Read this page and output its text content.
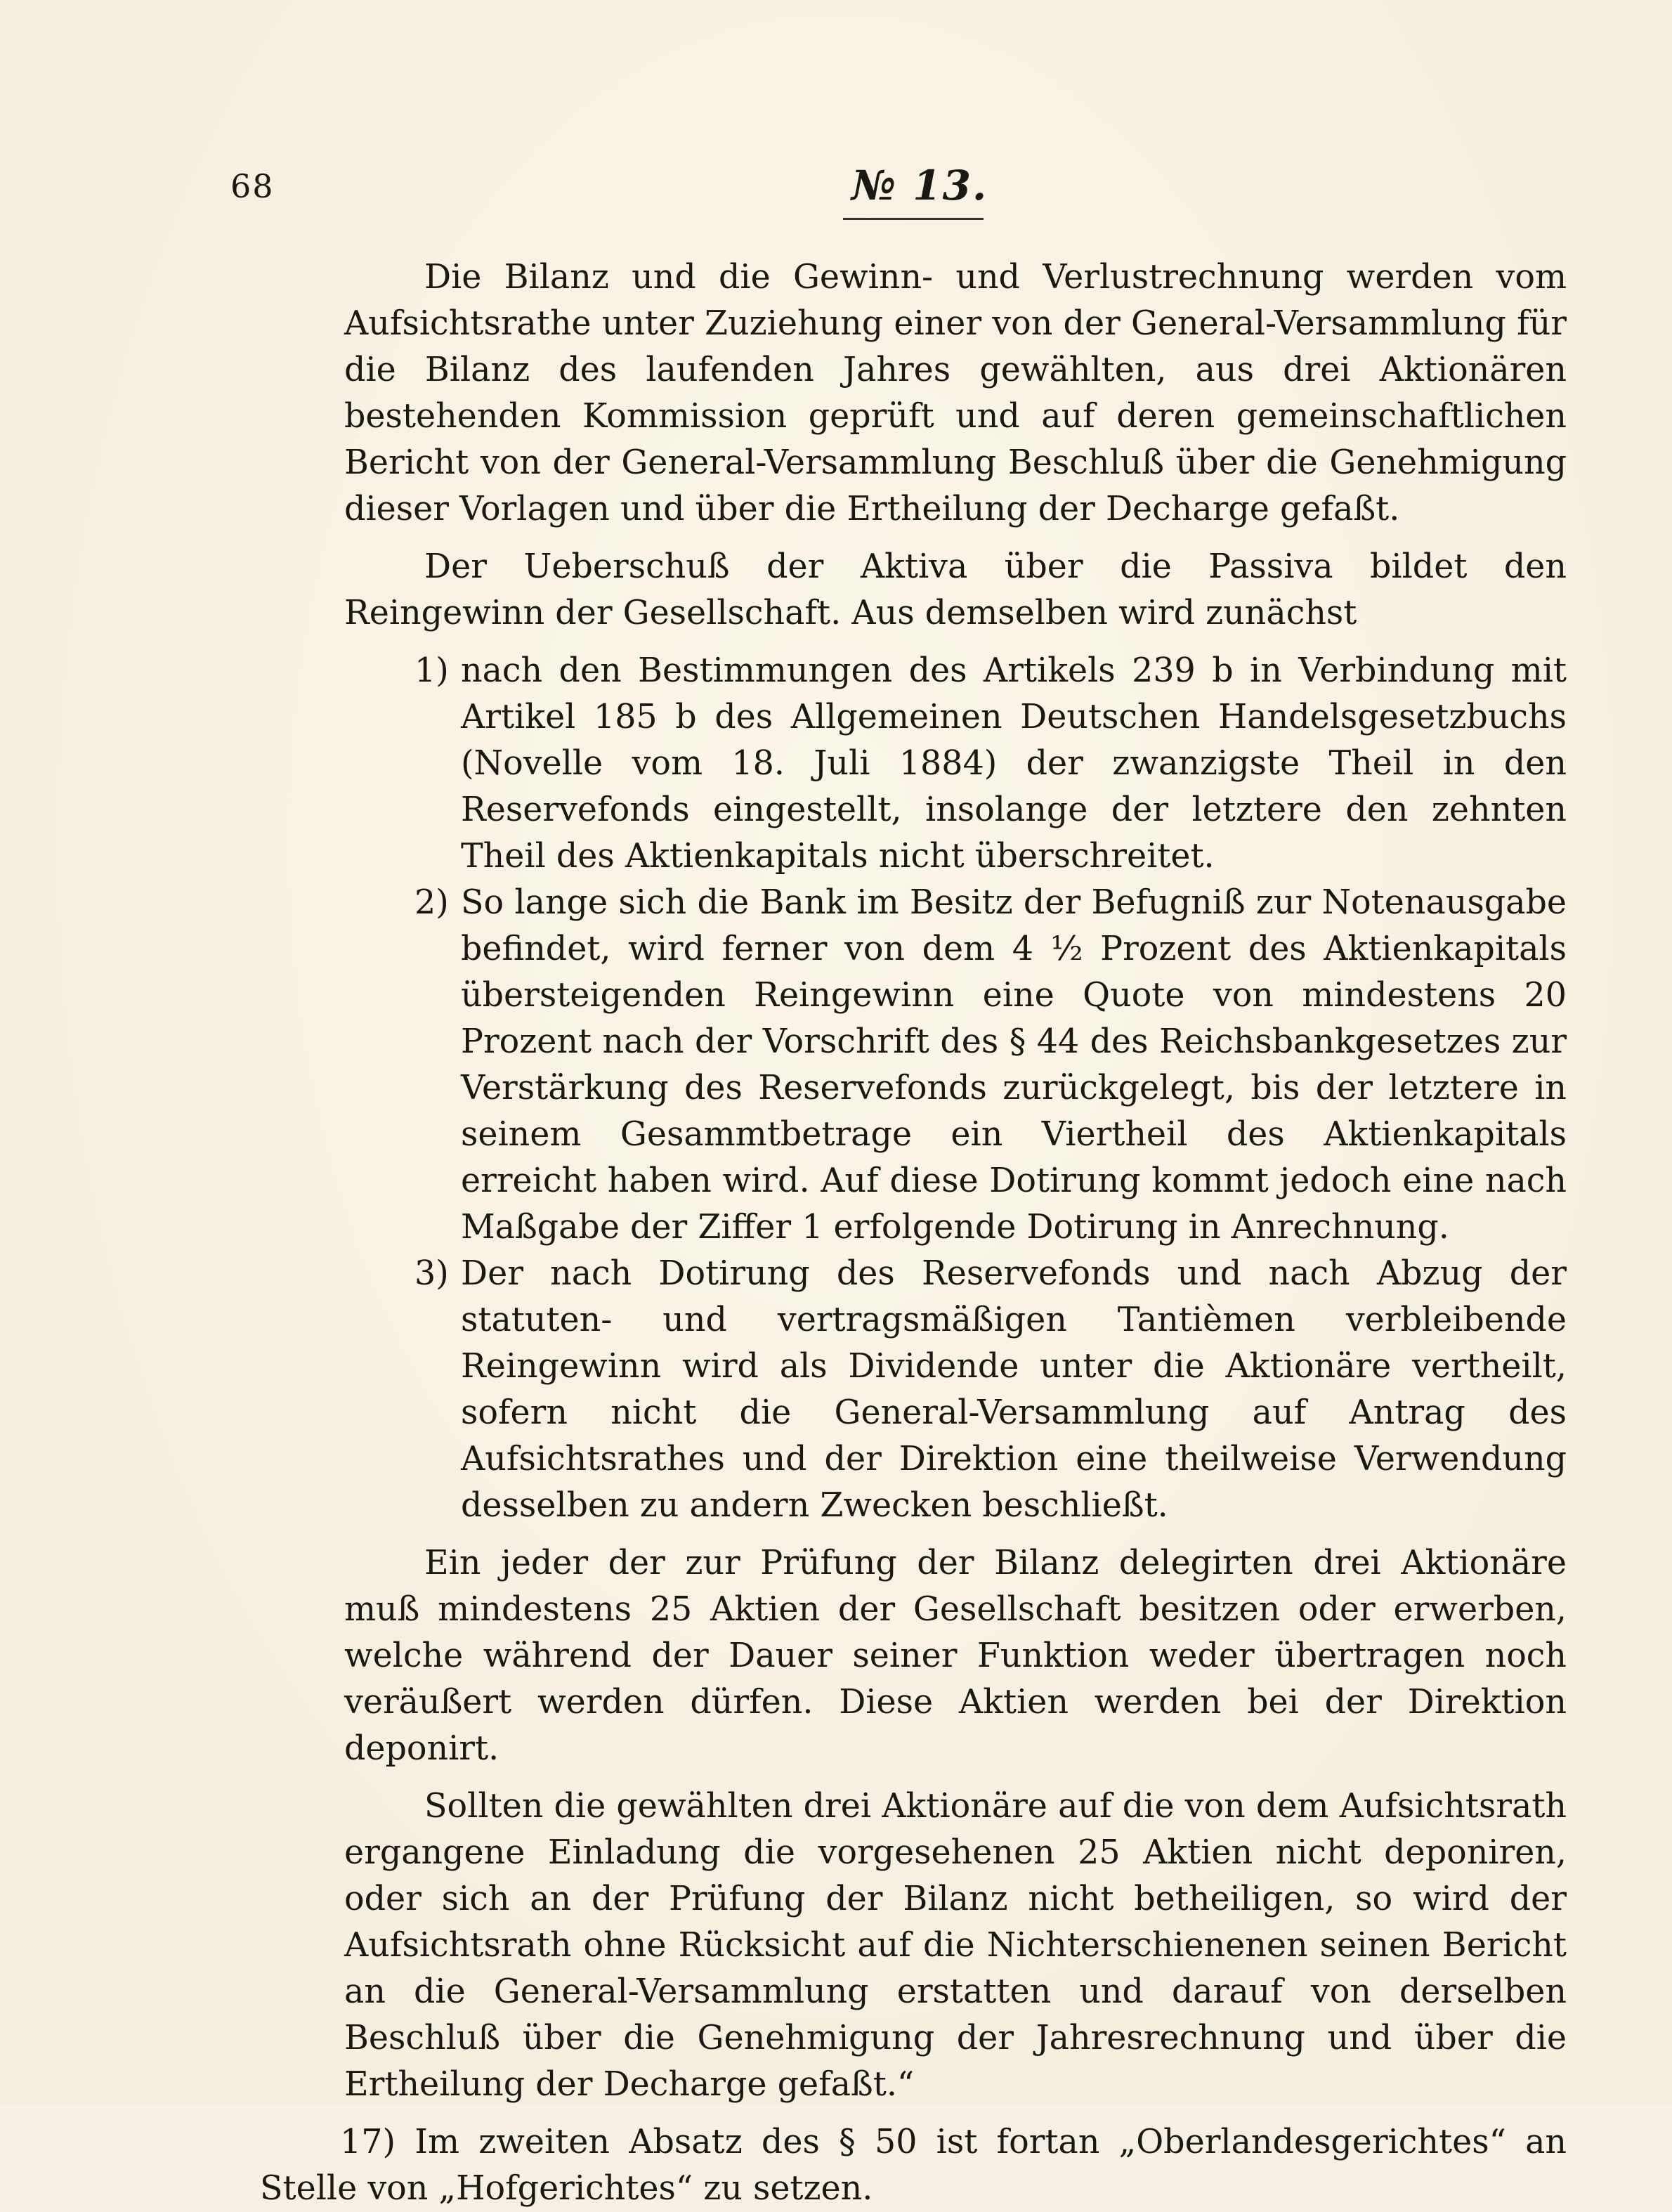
68	№ 13.

Die Bilanz und die Gewinn- und Verlustrechnung werden vom Aufsichtsrathe unter Zuziehung einer von der General-Versammlung für die Bilanz des laufenden Jahres gewählten, aus drei Aktionären bestehenden Kommission geprüft und auf deren gemeinschaftlichen Bericht von der General-Versammlung Beschluß über die Genehmigung dieser Vorlagen und über die Ertheilung der Decharge gefaßt.

Der Ueberschuß der Aktiva über die Passiva bildet den Reingewinn der Gesellschaft. Aus demselben wird zunächst

1) nach den Bestimmungen des Artikels 239 b in Verbindung mit Artikel 185 b des Allgemeinen Deutschen Handelsgesetzbuchs (Novelle vom 18. Juli 1884) der zwanzigste Theil in den Reservefonds eingestellt, insolange der letztere den zehnten Theil des Aktienkapitals nicht überschreitet.
2) So lange sich die Bank im Besitz der Befugniß zur Notenausgabe befindet, wird ferner von dem 4 ½ Prozent des Aktienkapitals übersteigenden Reingewinn eine Quote von mindestens 20 Prozent nach der Vorschrift des § 44 des Reichsbankgesetzes zur Verstärkung des Reservefonds zurückgelegt, bis der letztere in seinem Gesammtbetrage ein Viertheil des Aktienkapitals erreicht haben wird. Auf diese Dotirung kommt jedoch eine nach Maßgabe der Ziffer 1 erfolgende Dotirung in Anrechnung.
3) Der nach Dotirung des Reservefonds und nach Abzug der statuten- und vertragsmäßigen Tantièmen verbleibende Reingewinn wird als Dividende unter die Aktionäre vertheilt, sofern nicht die General-Versammlung auf Antrag des Aufsichtsrathes und der Direktion eine theilweise Verwendung desselben zu andern Zwecken beschließt.

Ein jeder der zur Prüfung der Bilanz delegirten drei Aktionäre muß mindestens 25 Aktien der Gesellschaft besitzen oder erwerben, welche während der Dauer seiner Funktion weder übertragen noch veräußert werden dürfen. Diese Aktien werden bei der Direktion deponirt.

Sollten die gewählten drei Aktionäre auf die von dem Aufsichtsrath ergangene Einladung die vorgesehenen 25 Aktien nicht deponiren, oder sich an der Prüfung der Bilanz nicht betheiligen, so wird der Aufsichtsrath ohne Rücksicht auf die Nichterschienenen seinen Bericht an die General-Versammlung erstatten und darauf von derselben Beschluß über die Genehmigung der Jahresrechnung und über die Ertheilung der Decharge gefaßt.“

17) Im zweiten Absatz des § 50 ist fortan „Oberlandesgerichtes“ an Stelle von „Hofgerichtes“ zu setzen.
